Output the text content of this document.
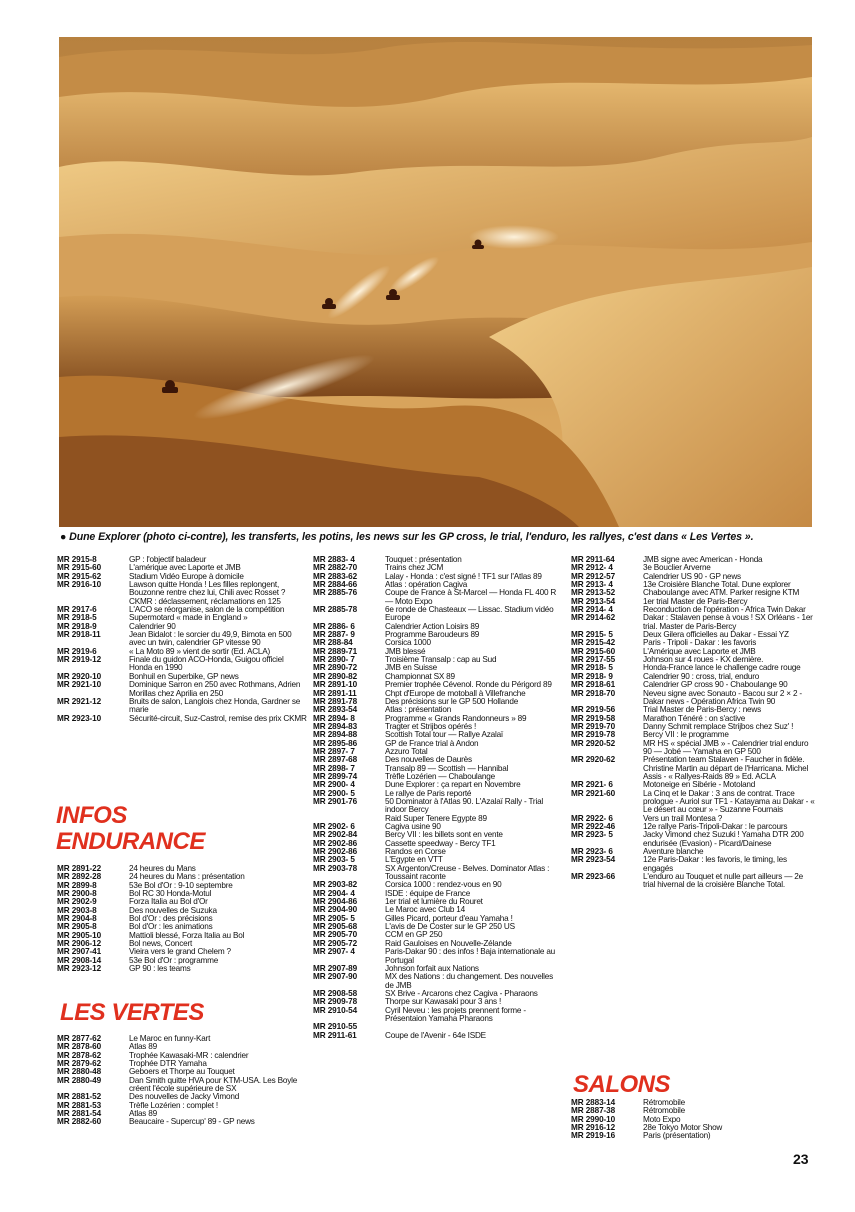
● Dune Explorer (photo ci-contre), les transferts, les potins, les news sur les GP cross, le trial, l'enduro, les rallyes, c'est dans « Les Vertes ».
MR 2915-8	GP : l'objectif baladeur
MR 2915-60	L'amérique avec Laporte et JMB
MR 2915-62	Stadium Vidéo Europe à domicile
MR 2916-10	Lawson quitte Honda ! Les filles replongent, Bouzonne rentre chez lui, Chili avec Rosset ? CKMR : déclassement, réclamations en 125
MR 2917-6	L'ACO se réorganise, salon de la compétition
MR 2918-5	Supermotard « made in England »
MR 2918-9	Calendrier 90
MR 2918-11	Jean Bidalot : le sorcier du 49,9, Bimota en 500 avec un twin, calendrier GP vitesse 90
MR 2919-6	« La Moto 89 » vient de sortir (Ed. ACLA)
MR 2919-12	Finale du guidon ACO-Honda, Guigou officiel Honda en 1990
MR 2920-10	Bonhuil en Superbike, GP news
MR 2921-10	Dominique Sarron en 250 avec Rothmans, Adrien Morillas chez Aprilia en 250
MR 2921-12	Bruits de salon, Langlois chez Honda, Gardner se marie
MR 2923-10	Sécurité-circuit, Suz-Castrol, remise des prix CKMR
INFOS
ENDURANCE
MR 2891-22	24 heures du Mans
MR 2892-28	24 heures du Mans : présentation
MR 2899-8	53e Bol d'Or : 9-10 septembre
MR 2900-8	Bol RC 30 Honda-Motul
MR 2902-9	Forza Italia au Bol d'Or
MR 2903-8	Des nouvelles de Suzuka
MR 2904-8	Bol d'Or : des précisions
MR 2905-8	Bol d'Or : les animations
MR 2905-10	Mattioli blessé, Forza Italia au Bol
MR 2906-12	Bol news, Concert
MR 2907-41	Vieira vers le grand Chelem ?
MR 2908-14	53e Bol d'Or : programme
MR 2923-12	GP 90 : les teams
LES VERTES
MR 2877-62	Le Maroc en funny-Kart
MR 2878-60	Atlas 89
MR 2878-62	Trophée Kawasaki-MR : calendrier
MR 2879-62	Trophée DTR Yamaha
MR 2880-48	Geboers et Thorpe au Touquet
MR 2880-49	Dan Smith quitte HVA pour KTM-USA. Les Boyle créent l'école supérieure de SX
MR 2881-52	Des nouvelles de Jacky Vimond
MR 2881-53	Trèfle Lozérien : complet !
MR 2881-54	Atlas 89
MR 2882-60	Beaucaire - Supercup' 89 - GP news
MR 2883- 4	Touquet : présentation
MR 2882-70	Trains chez JCM
MR 2883-62	Lalay - Honda : c'est signé ! TF1 sur l'Atlas 89
MR 2884-66	Atlas : opération Cagiva
MR 2885-76	Coupe de France à St-Marcel — Honda FL 400 R — Moto Expo
MR 2885-78	6e ronde de Chasteaux — Lissac. Stadium vidéo Europe
MR 2886- 6	Calendrier Action Loisirs 89
MR 2887- 9	Programme Baroudeurs 89
MR 288-84	Corsica 1000
MR 2889-71	JMB blessé
MR 2890- 7	Troisième Transalp : cap au Sud
MR 2890-72	JMB en Suisse
MR 2890-82	Championnat SX 89
MR 2891-10	Premier trophée Cévenol. Ronde du Périgord 89
MR 2891-11	Chpt d'Europe de motoball à Villefranche
MR 2891-78	Des précisions sur le GP 500 Hollande
MR 2893-54	Atlas : présentation
MR 2894- 8	Programme « Grands Randonneurs » 89
MR 2894-83	Tragter et Strijbos opérés !
MR 2894-88	Scottish Total tour — Rallye Azalaï
MR 2895-86	GP de France trial à Andon
MR 2897- 7	Azzuro Total
MR 2897-68	Des nouvelles de Daurès
MR 2898- 7	Transalp 89 — Scottish — Hannibal
MR 2899-74	Trèfle Lozérien — Chaboulange
MR 2900- 4	Dune Explorer : ça repart en Novembre
MR 2900- 5	Le rallye de Paris reporté
MR 2901-76	50 Dominator à l'Atlas 90. L'Azalaï Rally - Trial indoor Bercy
Raid Super Tenere Egypte 89
MR 2902- 6	Cagiva usine 90
MR 2902-84	Bercy VII : les billets sont en vente
MR 2902-86	Cassette speedway - Bercy TF1
MR 2902-86	Randos en Corse
MR 2903- 5	L'Egypte en VTT
MR 2903-78	SX Argenton/Creuse - Belves. Dominator Atlas : Toussaint raconte
MR 2903-82	Corsica 1000 : rendez-vous en 90
MR 2904- 4	ISDE : équipe de France
MR 2904-86	1er trial et lumière du Rouret
MR 2904-90	Le Maroc avec Club 14
MR 2905- 5	Gilles Picard, porteur d'eau Yamaha !
MR 2905-68	L'avis de De Coster sur le GP 250 US
MR 2905-70	CCM en GP 250
MR 2905-72	Raid Gauloises en Nouvelle-Zélande
MR 2907- 4	Paris-Dakar 90 : des infos ! Baja internationale au Portugal
MR 2907-89	Johnson forfait aux Nations
MR 2907-90	MX des Nations : du changement. Des nouvelles de JMB
MR 2908-58	SX Brive - Arcarons chez Cagiva - Pharaons
MR 2909-78	Thorpe sur Kawasaki pour 3 ans !
MR 2910-54	Cyril Neveu : les projets prennent forme - Présentaion Yamaha Pharaons
MR 2910-55
MR 2911-61	Coupe de l'Avenir - 64e ISDE
MR 2911-64	JMB signe avec American - Honda
MR 2912- 4	3e Bouclier Arverne
MR 2912-57	Calendrier US 90 - GP news
MR 2913- 4	13e Croisière Blanche Total. Dune explorer
MR 2913-52	Chaboulange avec ATM. Parker resigne KTM
MR 2913-54	1er trial Master de Paris-Bercy
MR 2914- 4	Reconduction de l'opération - Africa Twin Dakar
MR 2914-62	Dakar : Stalaven pense à vous ! SX Orléans - 1er trial. Master de Paris-Bercy
MR 2915- 5	Deux Gilera officielles au Dakar - Essai YZ
MR 2915-42	Paris - Tripoli - Dakar : les favoris
MR 2915-60	L'Amérique avec Laporte et JMB
MR 2917-55	Johnson sur 4 roues - KX dernière.
MR 2918- 5	Honda-France lance le challenge cadre rouge
MR 2918- 9	Calendrier 90 : cross, trial, enduro
MR 2918-61	Calendrier GP cross 90 - Chaboulange 90
MR 2918-70	Neveu signe avec Sonauto - Bacou sur 2 × 2 - Dakar news - Opération Africa Twin 90
MR 2919-56	Trial Master de Paris-Bercy : news
MR 2919-58	Marathon Ténéré : on s'active
MR 2919-70	Danny Schmit remplace Strijbos chez Suz' !
MR 2919-78	Bercy VII : le programme
MR 2920-52	MR HS « spécial JMB » - Calendrier trial enduro 90 — Jobé — Yamaha en GP 500
MR 2920-62	Présentation team Stalaven - Faucher in fidèle. Christine Martin au départ de l'Harricana. Michel Assis - « Rallyes-Raids 89 » Ed. ACLA
MR 2921- 6	Motoneige en Sibérie - Motoland
MR 2921-60	La Cinq et le Dakar : 3 ans de contrat. Trace prologue - Auriol sur TF1 - Katayama au Dakar - « Le désert au cœur » - Suzanne Fournais
MR 2922- 6	Vers un trail Montesa ?
MR 2922-46	12e rallye Paris-Tripoli-Dakar : le parcours
MR 2923- 5	Jacky Vimond chez Suzuki ! Yamaha DTR 200 endurisée (Evasion) - Picard/Dainese
MR 2923- 6	Aventure blanche
MR 2923-54	12e Paris-Dakar : les favoris, le timing, les engagés
MR 2923-66	L'enduro au Touquet et nulle part ailleurs — 2e trial hivernal de la croisière Blanche Total.
SALONS
MR 2883-14	Rétromobile
MR 2887-38	Rétromobile
MR 2990-10	Moto Expo
MR 2916-12	28e Tokyo Motor Show
MR 2919-16	Paris (présentation)
23
